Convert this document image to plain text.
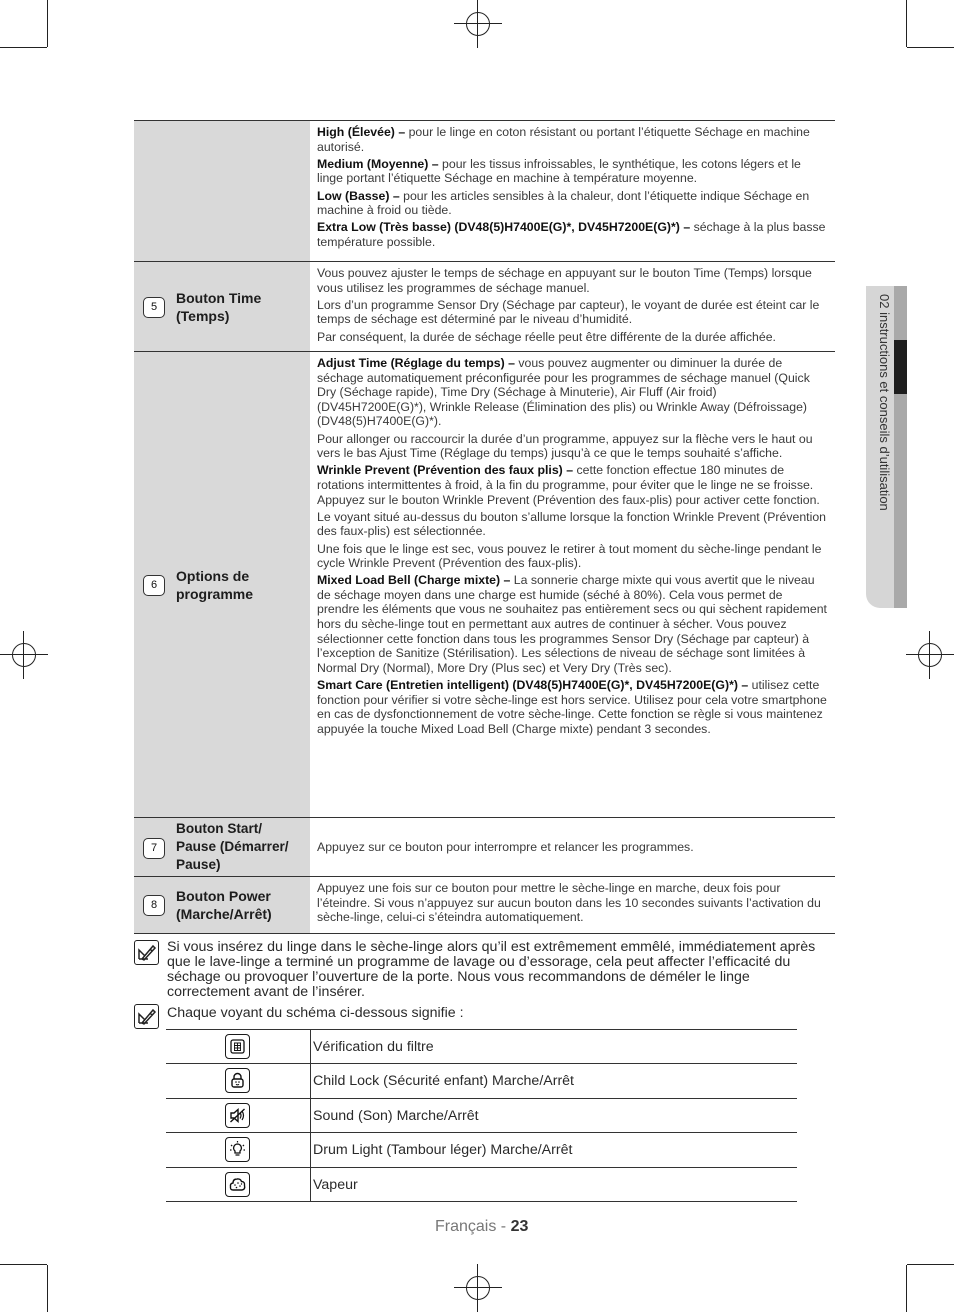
02 instructions et conseils d’utilisation

High (Élevée) – pour le linge en coton résistant ou portant l’étiquette Séchage en machine autorisé.

Medium (Moyenne) – pour les tissus infroissables, le synthétique, les cotons légers et le linge portant l’étiquette Séchage en machine à température moyenne.

Low (Basse) – pour les articles sensibles à la chaleur, dont l’étiquette indique Séchage en machine à froid ou tiède.

Extra Low (Très basse) (DV48(5)H7400E(G)*, DV45H7200E(G)*) – séchage à la plus basse température possible.

5
Bouton Time (Temps)

Vous pouvez ajuster le temps de séchage en appuyant sur le bouton Time (Temps) lorsque vous utilisez les programmes de séchage manuel.

Lors d’un programme Sensor Dry (Séchage par capteur), le voyant de durée est éteint car le temps de séchage est déterminé par le niveau d’humidité.

Par conséquent, la durée de séchage réelle peut être différente de la durée affichée.

6
Options de programme

Adjust Time (Réglage du temps) – vous pouvez augmenter ou diminuer la durée de séchage automatiquement préconfigurée pour les programmes de séchage manuel (Quick Dry (Séchage rapide), Time Dry (Séchage à Minuterie), Air Fluff (Air froid) (DV45H7200E(G)*), Wrinkle Release (Élimination des plis) ou Wrinkle Away (Défroissage) (DV48(5)H7400E(G)*).

Pour allonger ou raccourcir la durée d’un programme, appuyez sur la flèche vers le haut ou vers le bas Ajust Time (Réglage du temps) jusqu’à ce que le temps souhaité s’affiche.

Wrinkle Prevent (Prévention des faux plis) – cette fonction effectue 180 minutes de rotations intermittentes à froid, à la fin du programme, pour éviter que le linge ne se froisse. Appuyez sur le bouton Wrinkle Prevent (Prévention des faux-plis) pour activer cette fonction.

Le voyant situé au-dessus du bouton s’allume lorsque la fonction Wrinkle Prevent (Prévention des faux-plis) est sélectionnée.

Une fois que le linge est sec, vous pouvez le retirer à tout moment du sèche-linge pendant le cycle Wrinkle Prevent (Prévention des faux-plis).

Mixed Load Bell (Charge mixte) – La sonnerie charge mixte qui vous avertit que le niveau de séchage moyen dans une charge est humide (séché à 80%). Cela vous permet de prendre les éléments que vous ne souhaitez pas entièrement secs ou qui sèchent rapidement hors du sèche-linge tout en permettant aux autres de continuer à sécher. Vous pouvez sélectionner cette fonction dans tous les programmes Sensor Dry (Séchage par capteur) à l’exception de Sanitize (Stérilisation). Les sélections de niveau de séchage sont limitées à Normal Dry (Normal), More Dry (Plus sec) et Very Dry (Très sec).

Smart Care (Entretien intelligent) (DV48(5)H7400E(G)*, DV45H7200E(G)*) – utilisez cette fonction pour vérifier si votre sèche-linge est hors service. Utilisez pour cela votre smartphone en cas de dysfonctionnement de votre sèche-linge. Cette fonction se règle si vous maintenez appuyée la touche Mixed Load Bell (Charge mixte) pendant 3 secondes.

7
Bouton Start/ Pause (Démarrer/ Pause)

Appuyez sur ce bouton pour interrompre et relancer les programmes.

8
Bouton Power (Marche/Arrêt)

Appuyez une fois sur ce bouton pour mettre le sèche-linge en marche, deux fois pour l’éteindre. Si vous n’appuyez sur aucun bouton dans les 10 secondes suivants l’activation du sèche-linge, celui-ci s’éteindra automatiquement.

Si vous insérez du linge dans le sèche-linge alors qu’il est extrêmement emmêlé, immédiatement après que le lave-linge a terminé un programme de lavage ou d’essorage, cela peut affecter l’efficacité du séchage ou provoquer l’ouverture de la porte. Nous vous recommandons de déméler le linge correctement avant de l’insérer.
Chaque voyant du schéma ci-dessous signifie :
Vérification du filtre
Child Lock (Sécurité enfant) Marche/Arrêt
Sound (Son) Marche/Arrêt
Drum Light (Tambour léger) Marche/Arrêt
Vapeur
Français - 23
